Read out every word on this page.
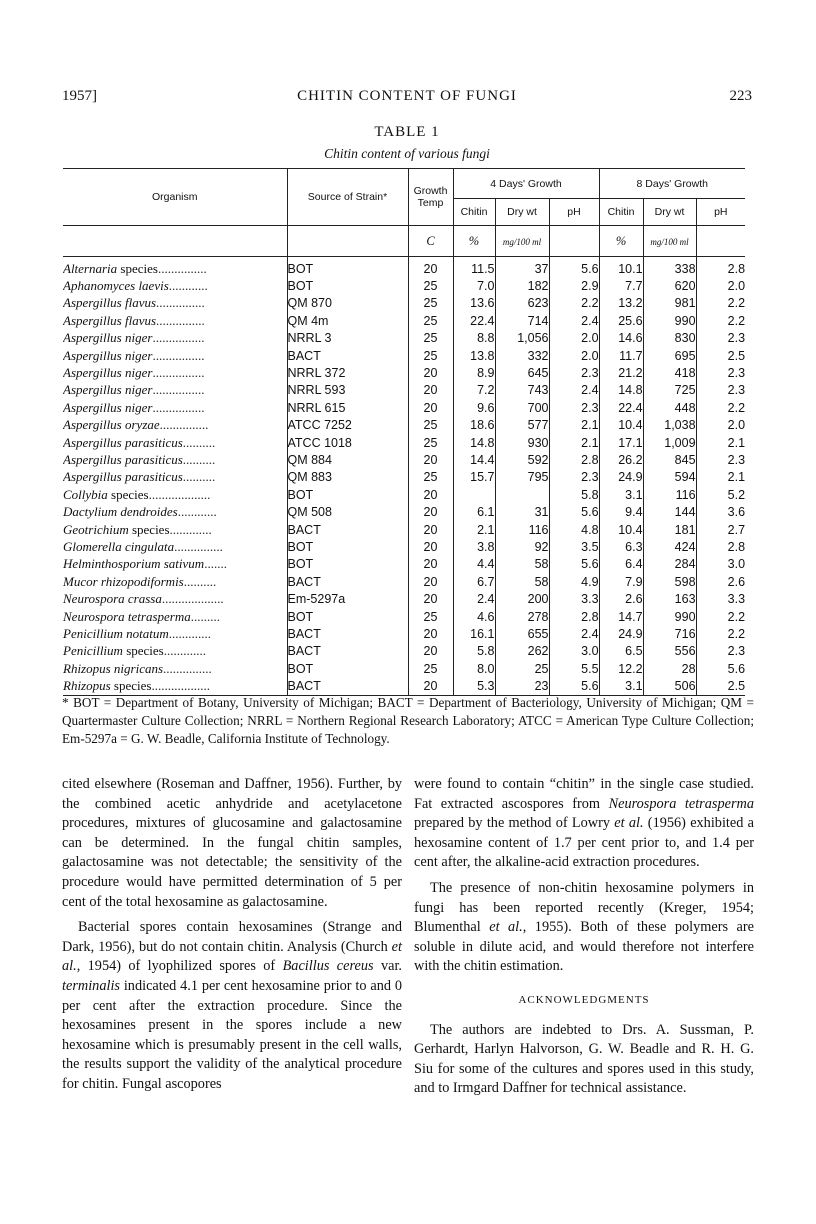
1957]	CHITIN CONTENT OF FUNGI	223
TABLE 1
Chitin content of various fungi
Organism	Source of Strain*	Growth Temp	4 Days' Growth			8 Days' Growth		
			Chitin	Dry wt	pH	Chitin	Dry wt	pH
		C	%	mg/100 ml		%	mg/100 ml	
Alternaria species...............	BOT	20	11.5	37	5.6	10.1	338	2.8
Aphanomyces laevis............	BOT	25	7.0	182	2.9	7.7	620	2.0
Aspergillus flavus...............	QM 870	25	13.6	623	2.2	13.2	981	2.2
Aspergillus flavus...............	QM 4m	25	22.4	714	2.4	25.6	990	2.2
Aspergillus niger................	NRRL 3	25	8.8	1,056	2.0	14.6	830	2.3
Aspergillus niger................	BACT	25	13.8	332	2.0	11.7	695	2.5
Aspergillus niger................	NRRL 372	20	8.9	645	2.3	21.2	418	2.3
Aspergillus niger................	NRRL 593	20	7.2	743	2.4	14.8	725	2.3
Aspergillus niger................	NRRL 615	20	9.6	700	2.3	22.4	448	2.2
Aspergillus oryzae...............	ATCC 7252	25	18.6	577	2.1	10.4	1,038	2.0
Aspergillus parasiticus..........	ATCC 1018	25	14.8	930	2.1	17.1	1,009	2.1
Aspergillus parasiticus..........	QM 884	20	14.4	592	2.8	26.2	845	2.3
Aspergillus parasiticus..........	QM 883	25	15.7	795	2.3	24.9	594	2.1
Collybia species...................	BOT	20			5.8	3.1	116	5.2
Dactylium dendroides............	QM 508	20	6.1	31	5.6	9.4	144	3.6
Geotrichium species.............	BACT	20	2.1	116	4.8	10.4	181	2.7
Glomerella cingulata...............	BOT	20	3.8	92	3.5	6.3	424	2.8
Helminthosporium sativum.......	BOT	20	4.4	58	5.6	6.4	284	3.0
Mucor rhizopodiformis..........	BACT	20	6.7	58	4.9	7.9	598	2.6
Neurospora crassa...................	Em-5297a	20	2.4	200	3.3	2.6	163	3.3
Neurospora tetrasperma.........	BOT	25	4.6	278	2.8	14.7	990	2.2
Penicillium notatum.............	BACT	20	16.1	655	2.4	24.9	716	2.2
Penicillium species.............	BACT	20	5.8	262	3.0	6.5	556	2.3
Rhizopus nigricans...............	BOT	25	8.0	25	5.5	12.2	28	5.6
Rhizopus species..................	BACT	20	5.3	23	5.6	3.1	506	2.5
* BOT = Department of Botany, University of Michigan; BACT = Department of Bacteriology, University of Michigan; QM = Quartermaster Culture Collection; NRRL = Northern Regional Research Laboratory; ATCC = American Type Culture Collection; Em-5297a = G. W. Beadle, California Institute of Technology.

cited elsewhere (Roseman and Daffner, 1956). Further, by the combined acetic anhydride and acetylacetone procedures, mixtures of glucosamine and galactosamine can be determined. In the fungal chitin samples, galactosamine was not detectable; the sensitivity of the procedure would have permitted determination of 5 per cent of the total hexosamine as galactosamine.

Bacterial spores contain hexosamines (Strange and Dark, 1956), but do not contain chitin. Analysis (Church et al., 1954) of lyophilized spores of Bacillus cereus var. terminalis indicated 4.1 per cent hexosamine prior to and 0 per cent after the extraction procedure. Since the hexosamines present in the spores include a new hexosamine which is presumably present in the cell walls, the results support the validity of the analytical procedure for chitin. Fungal ascopores

were found to contain “chitin” in the single case studied. Fat extracted ascospores from Neurospora tetrasperma prepared by the method of Lowry et al. (1956) exhibited a hexosamine content of 1.7 per cent prior to, and 1.4 per cent after, the alkaline-acid extraction procedures.

The presence of non-chitin hexosamine polymers in fungi has been reported recently (Kreger, 1954; Blumenthal et al., 1955). Both of these polymers are soluble in dilute acid, and would therefore not interfere with the chitin estimation.

ACKNOWLEDGMENTS

The authors are indebted to Drs. A. Sussman, P. Gerhardt, Harlyn Halvorson, G. W. Beadle and R. H. G. Siu for some of the cultures and spores used in this study, and to Irmgard Daffner for technical assistance.
